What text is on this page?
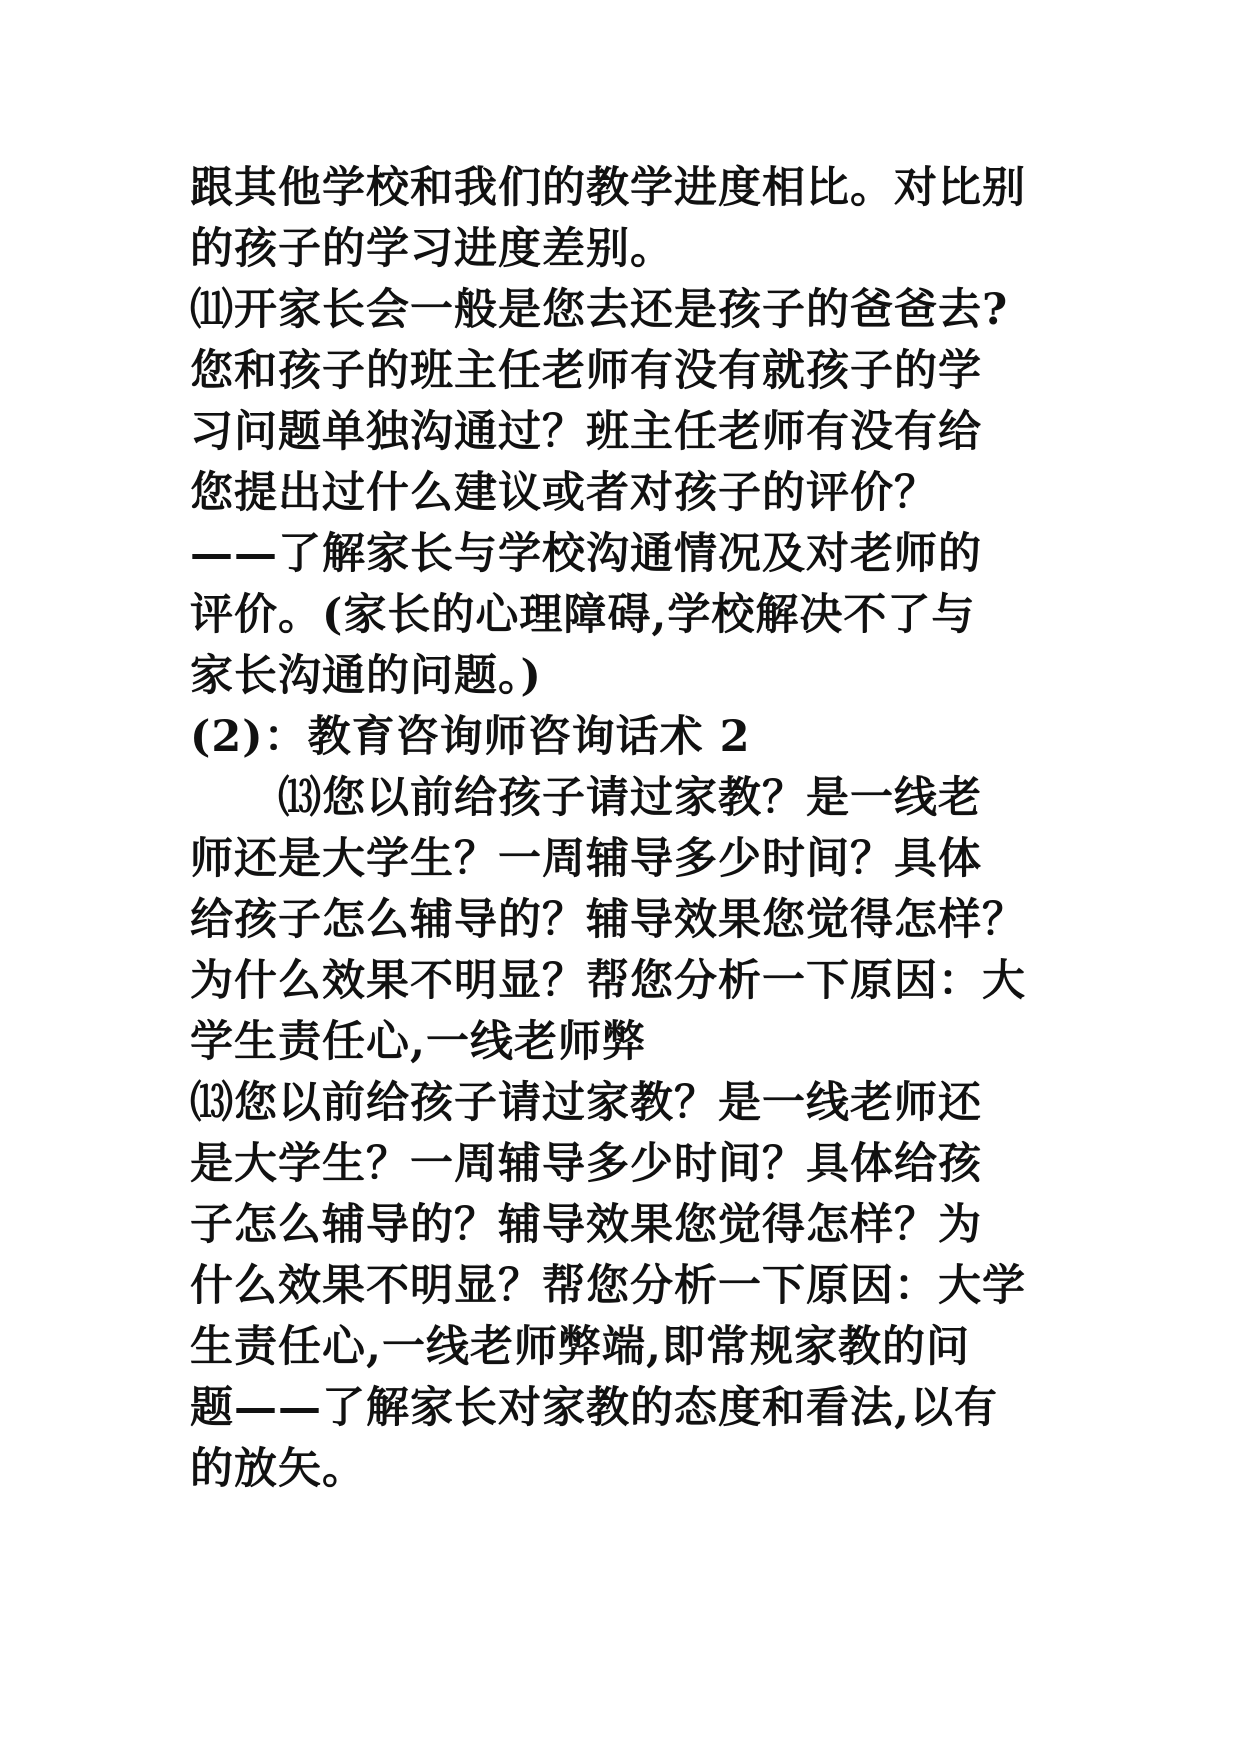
跟其他学校和我们的教学进度相比。对比别
的孩子的学习进度差别。
⑾开家长会一般是您去还是孩子的爸爸去?
您和孩子的班主任老师有没有就孩子的学
习问题单独沟通过？班主任老师有没有给
您提出过什么建议或者对孩子的评价？
——了解家长与学校沟通情况及对老师的
评价。(家长的心理障碍,学校解决不了与
家长沟通的问题。)
(2)：教育咨询师咨询话术 2
　　⒀您以前给孩子请过家教？是一线老
师还是大学生？一周辅导多少时间？具体
给孩子怎么辅导的？辅导效果您觉得怎样？
为什么效果不明显？帮您分析一下原因：大
学生责任心,一线老师弊
⒀您以前给孩子请过家教？是一线老师还
是大学生？一周辅导多少时间？具体给孩
子怎么辅导的？辅导效果您觉得怎样？为
什么效果不明显？帮您分析一下原因：大学
生责任心,一线老师弊端,即常规家教的问
题——了解家长对家教的态度和看法,以有
的放矢。
